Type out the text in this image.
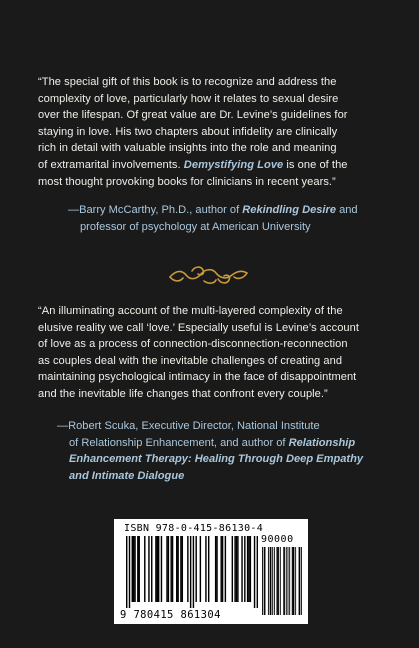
“The special gift of this book is to recognize and address the
complexity of love, particularly how it relates to sexual desire
over the lifespan. Of great value are Dr. Levine’s guidelines for
staying in love. His two chapters about infidelity are clinically
rich in detail with valuable insights into the role and meaning
of extramarital involvements. Demystifying Love is one of the
most thought provoking books for clinicians in recent years.”
—Barry McCarthy, Ph.D., author of Rekindling Desire and
professor of psychology at American University
“An illuminating account of the multi-layered complexity of the
elusive reality we call ‘love.’ Especially useful is Levine’s account
of love as a process of connection-disconnection-reconnection
as couples deal with the inevitable challenges of creating and
maintaining psychological intimacy in the face of disappointment
and the inevitable life changes that confront every couple.”
—Robert Scuka, Executive Director, National Institute
of Relationship Enhancement, and author of Relationship
Enhancement Therapy: Healing Through Deep Empathy
and Intimate Dialogue
ISBN 978-0-415-86130-4
90000
9 780415 861304
